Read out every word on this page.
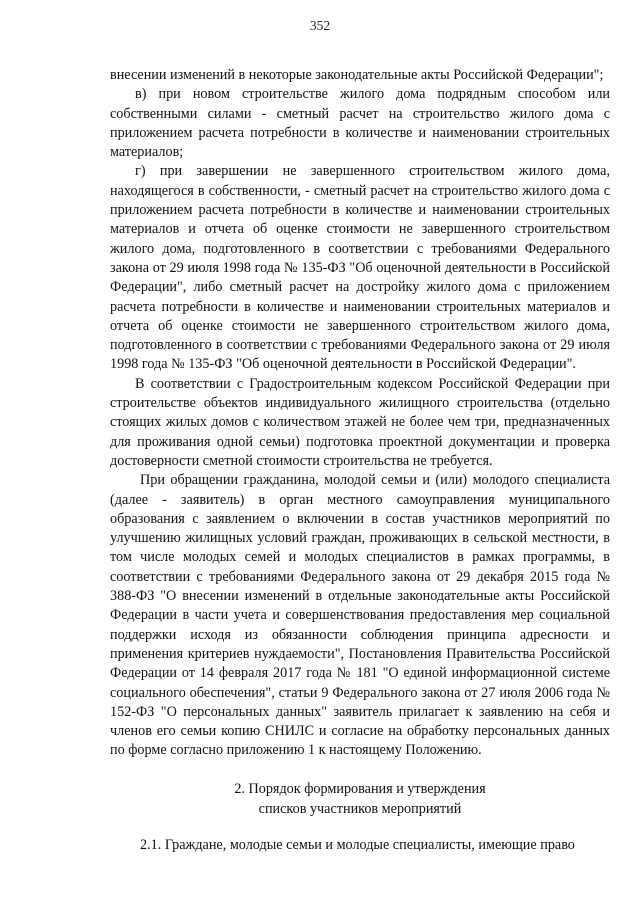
352

внесении изменений в некоторые законодательные акты Российской Федерации";

в) при новом строительстве жилого дома подрядным способом или собственными силами - сметный расчет на строительство жилого дома с приложением расчета потребности в количестве и наименовании строительных материалов;

г) при завершении не завершенного строительством жилого дома, находящегося в собственности, - сметный расчет на строительство жилого дома с приложением расчета потребности в количестве и наименовании строительных материалов и отчета об оценке стоимости не завершенного строительством жилого дома, подготовленного в соответствии с требованиями Федерального закона от 29 июля 1998 года № 135-ФЗ "Об оценочной деятельности в Российской Федерации", либо сметный расчет на достройку жилого дома с приложением расчета потребности в количестве и наименовании строительных материалов и отчета об оценке стоимости не завершенного строительством жилого дома, подготовленного в соответствии с требованиями Федерального закона от 29 июля 1998 года № 135-ФЗ "Об оценочной деятельности в Российской Федерации".

В соответствии с Градостроительным кодексом Российской Федерации при строительстве объектов индивидуального жилищного строительства (отдельно стоящих жилых домов с количеством этажей не более чем три, предназначенных для проживания одной семьи) подготовка проектной документации и проверка достоверности сметной стоимости строительства не требуется.

При обращении гражданина, молодой семьи и (или) молодого специалиста (далее - заявитель) в орган местного самоуправления муниципального образования с заявлением о включении в состав участников мероприятий по улучшению жилищных условий граждан, проживающих в сельской местности, в том числе молодых семей и молодых специалистов в рамках программы, в соответствии с требованиями Федерального закона от 29 декабря 2015 года № 388-ФЗ "О внесении изменений в отдельные законодательные акты Российской Федерации в части учета и совершенствования предоставления мер социальной поддержки исходя из обязанности соблюдения принципа адресности и применения критериев нуждаемости", Постановления Правительства Российской Федерации от 14 февраля 2017 года № 181 "О единой информационной системе социального обеспечения", статьи 9 Федерального закона от 27 июля 2006 года № 152-ФЗ "О персональных данных" заявитель прилагает к заявлению на себя и членов его семьи копию СНИЛС и согласие на обработку персональных данных по форме согласно приложению 1 к настоящему Положению.

2. Порядок формирования и утверждения
списков участников мероприятий

2.1. Граждане, молодые семьи и молодые специалисты, имеющие право
